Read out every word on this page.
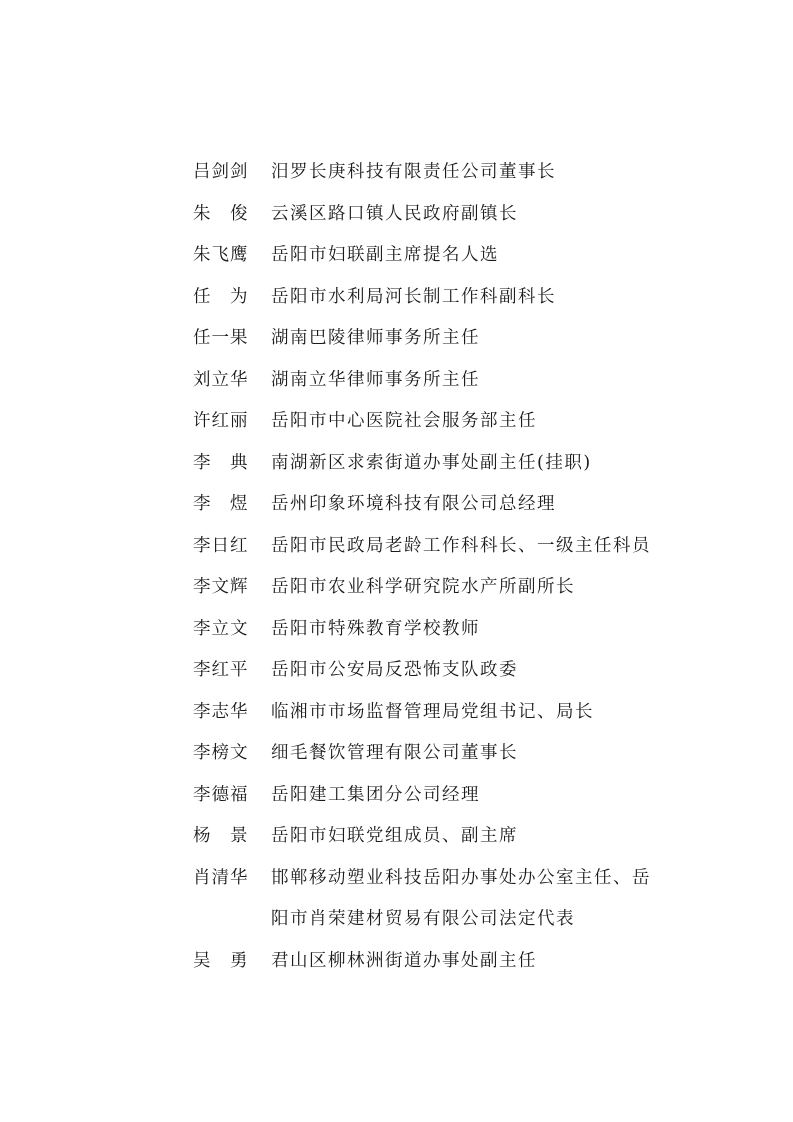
吕剑剑	汨罗长庚科技有限责任公司董事长
朱　俊	云溪区路口镇人民政府副镇长
朱飞鹰	岳阳市妇联副主席提名人选
任　为	岳阳市水利局河长制工作科副科长
任一果	湖南巴陵律师事务所主任
刘立华	湖南立华律师事务所主任
许红丽	岳阳市中心医院社会服务部主任
李　典	南湖新区求索街道办事处副主任(挂职)
李　煜	岳州印象环境科技有限公司总经理
李日红	岳阳市民政局老龄工作科科长、一级主任科员
李文辉	岳阳市农业科学研究院水产所副所长
李立文	岳阳市特殊教育学校教师
李红平	岳阳市公安局反恐怖支队政委
李志华	临湘市市场监督管理局党组书记、局长
李榜文	细毛餐饮管理有限公司董事长
李德福	岳阳建工集团分公司经理
杨　景	岳阳市妇联党组成员、副主席
肖清华	邯郸移动塑业科技岳阳办事处办公室主任、岳
阳市肖荣建材贸易有限公司法定代表
吴　勇	君山区柳林洲街道办事处副主任
